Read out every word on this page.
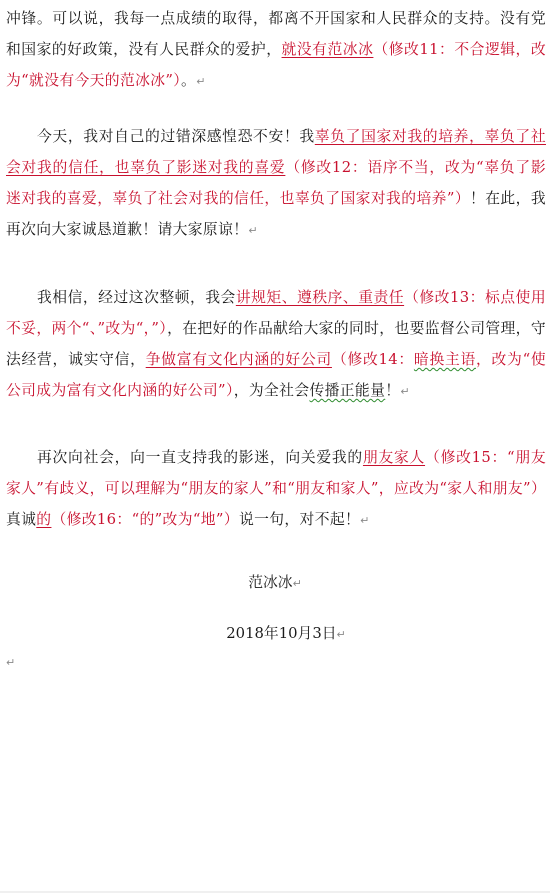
冲锋。可以说，我每一点成绩的取得，都离不开国家和人民群众的支持。没有党和国家的好政策，没有人民群众的爱护，就没有范冰冰（修改11：不合逻辑，改为“就没有今天的范冰冰”）。↵

今天，我对自己的过错深感惶恐不安！我辜负了国家对我的培养，辜负了社会对我的信任，也辜负了影迷对我的喜爱（修改12：语序不当，改为“辜负了影迷对我的喜爱，辜负了社会对我的信任，也辜负了国家对我的培养”）！在此，我再次向大家诚恳道歉！请大家原谅！↵

我相信，经过这次整顿，我会讲规矩、遵秩序、重责任（修改13：标点使用不妥，两个“、”改为“，”），在把好的作品献给大家的同时，也要监督公司管理，守法经营，诚实守信，争做富有文化内涵的好公司（修改14：暗换主语，改为“使公司成为富有文化内涵的好公司”），为全社会传播正能量！↵

再次向社会，向一直支持我的影迷，向关爱我的朋友家人（修改15：“朋友家人”有歧义，可以理解为“朋友的家人”和“朋友和家人”，应改为“家人和朋友”）真诚的（修改16：“的”改为“地”）说一句，对不起！↵

范冰冰↵

2018年10月3日↵

↵
